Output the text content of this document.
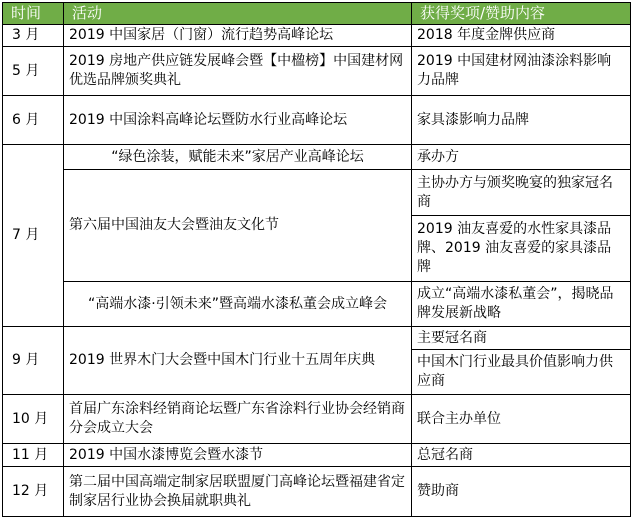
时间	活动	获得奖项/赞助内容
3 月	2019 中国家居（门窗）流行趋势高峰论坛	2018 年度金牌供应商
5 月	2019 房地产供应链发展峰会暨【中楹榜】中国建材网优选品牌颁奖典礼	2019 中国建材网油漆涂料影响力品牌
6 月	2019 中国涂料高峰论坛暨防水行业高峰论坛	家具漆影响力品牌
7 月	“绿色涂装，赋能未来”家居产业高峰论坛	承办方
	第六届中国油友大会暨油友文化节	主协办方与颁奖晚宴的独家冠名商
		2019 油友喜爱的水性家具漆品牌、2019 油友喜爱的家具漆品牌
	“高端水漆·引领未来”暨高端水漆私董会成立峰会	成立“高端水漆私董会”，揭晓品牌发展新战略
9 月	2019 世界木门大会暨中国木门行业十五周年庆典	主要冠名商
		中国木门行业最具价值影响力供应商
10 月	首届广东涂料经销商论坛暨广东省涂料行业协会经销商分会成立大会	联合主办单位
11 月	2019 中国水漆博览会暨水漆节	总冠名商
12 月	第二届中国高端定制家居联盟厦门高峰论坛暨福建省定制家居行业协会换届就职典礼	赞助商
